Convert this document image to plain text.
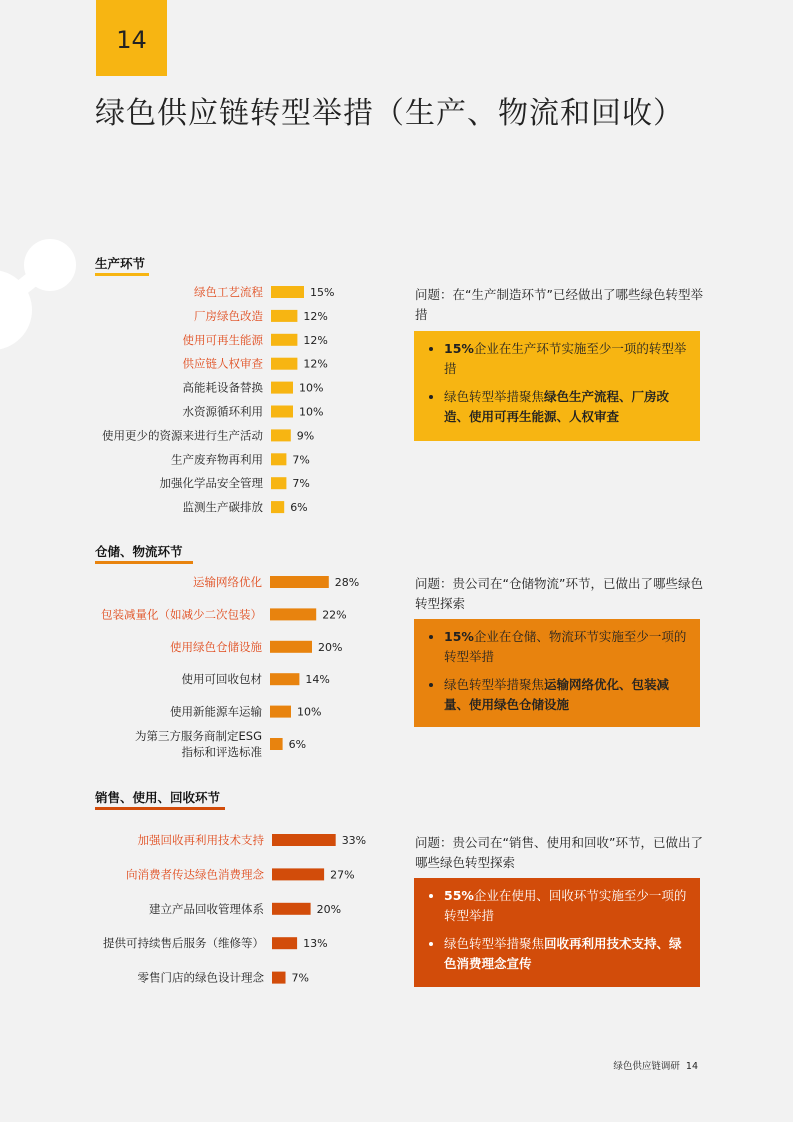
14
绿色供应链转型举措（生产、物流和回收）
生产环节
15%
绿色工艺流程
12%
厂房绿色改造
12%
使用可再生能源
12%
供应链人权审查
10%
高能耗设备替换
10%
水资源循环利用
9%
使用更少的资源来进行生产活动
7%
生产废弃物再利用
7%
加强化学品安全管理
6%
监测生产碳排放
28%
运输网络优化
22%
包装减量化（如减少二次包装）
20%
使用绿色仓储设施
14%
使用可回收包材
10%
使用新能源车运输
6%
为第三方服务商制定ESG
指标和评选标准
33%
加强回收再利用技术支持
27%
向消费者传达绿色消费理念
20%
建立产品回收管理体系
13%
提供可持续售后服务（维修等）
7%
零售门店的绿色设计理念
问题：在“生产制造环节”已经做出了哪些绿色转型举措
• 15%企业在生产环节实施至少一项的转型举措
• 绿色转型举措聚焦绿色生产流程、厂房改造、使用可再生能源、人权审查
仓储、物流环节
问题：贵公司在“仓储物流”环节，已做出了哪些绿色转型探索
• 15%企业在仓储、物流环节实施至少一项的转型举措
• 绿色转型举措聚焦运输网络优化、包装减量、使用绿色仓储设施
销售、使用、回收环节
问题：贵公司在“销售、使用和回收”环节，已做出了哪些绿色转型探索
• 55%企业在使用、回收环节实施至少一项的转型举措
• 绿色转型举措聚焦回收再利用技术支持、绿色消费理念宣传
绿色供应链调研 14
